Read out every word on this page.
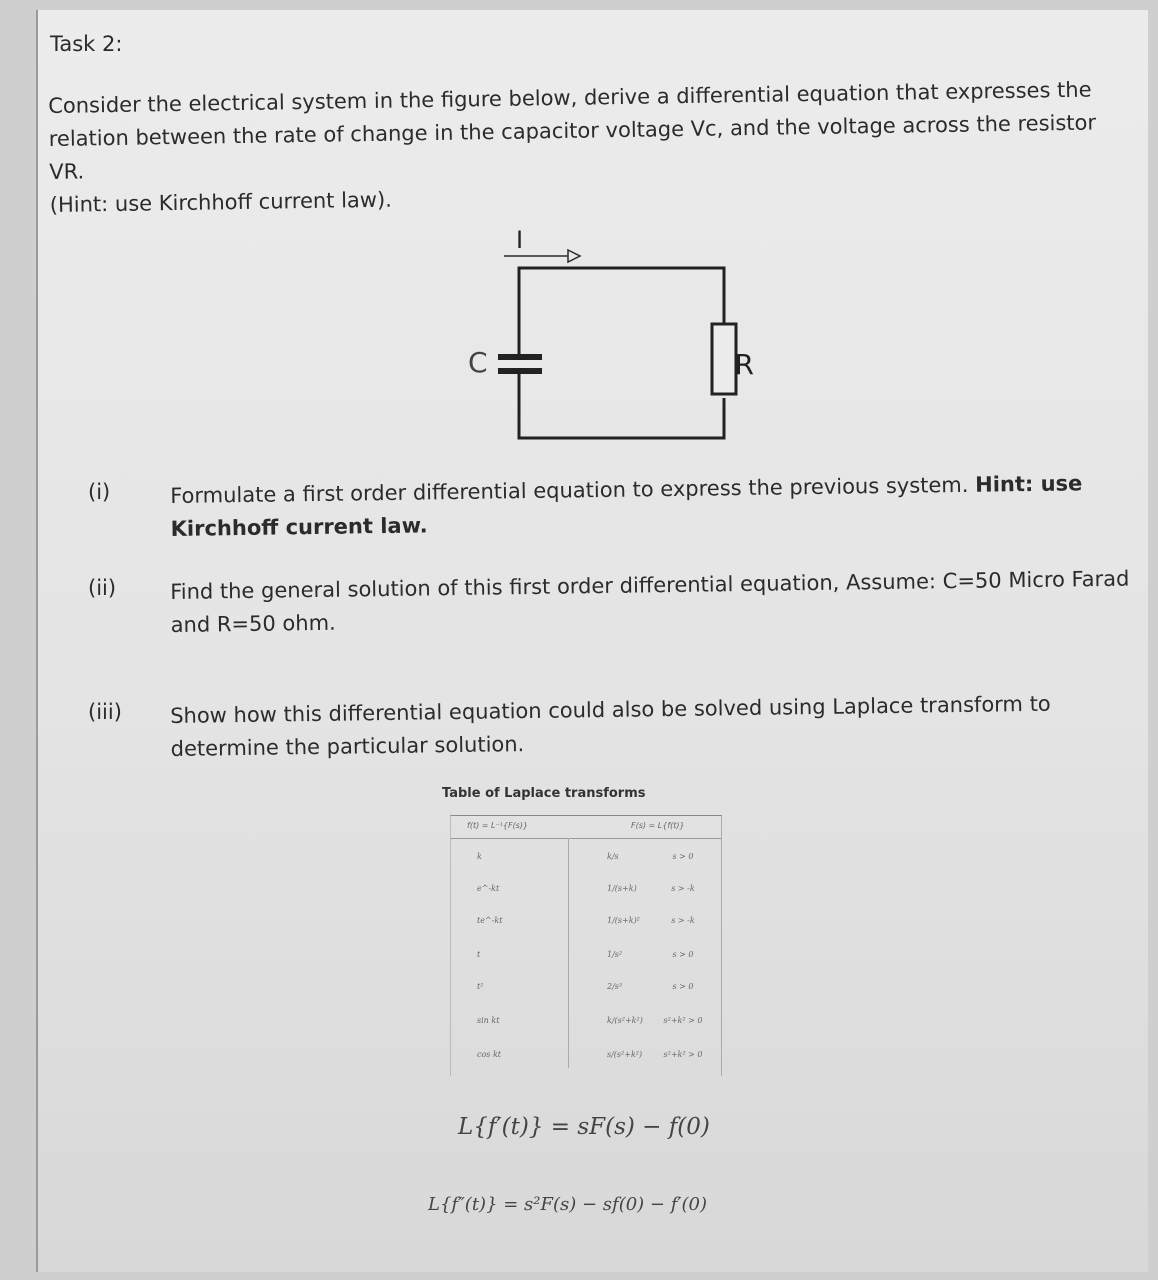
Task 2:
Consider the electrical system in the figure below, derive a differential equation that expresses the
relation between the rate of change in the capacitor voltage Vc, and the voltage across the resistor VR.
(Hint: use Kirchhoff current law).
I
C	R
(i)	Formulate a first order differential equation to express the previous system. Hint: use
Kirchhoff current law.
(ii)	Find the general solution of this first order differential equation, Assume: C=50 Micro Farad
and R=50 ohm.
(iii) Show how this differential equation could also be solved using Laplace transform to
determine the particular solution.
Table of Laplace transforms
f(t) = L⁻¹{F(s)}	F(s) = L{f(t)}
k	k/s	s > 0
e^-kt	1/(s+k)	s > -k
te^-kt	1/(s+k)²	s > -k
t	1/s²	s > 0
t²	2/s³	s > 0
sin kt	k/(s²+k²)	s²+k² > 0
cos kt	s/(s²+k²)	s²+k² > 0
L{f′(t)} = sF(s) − f(0)
L{f″(t)} = s²F(s) − sf(0) − f′(0)
